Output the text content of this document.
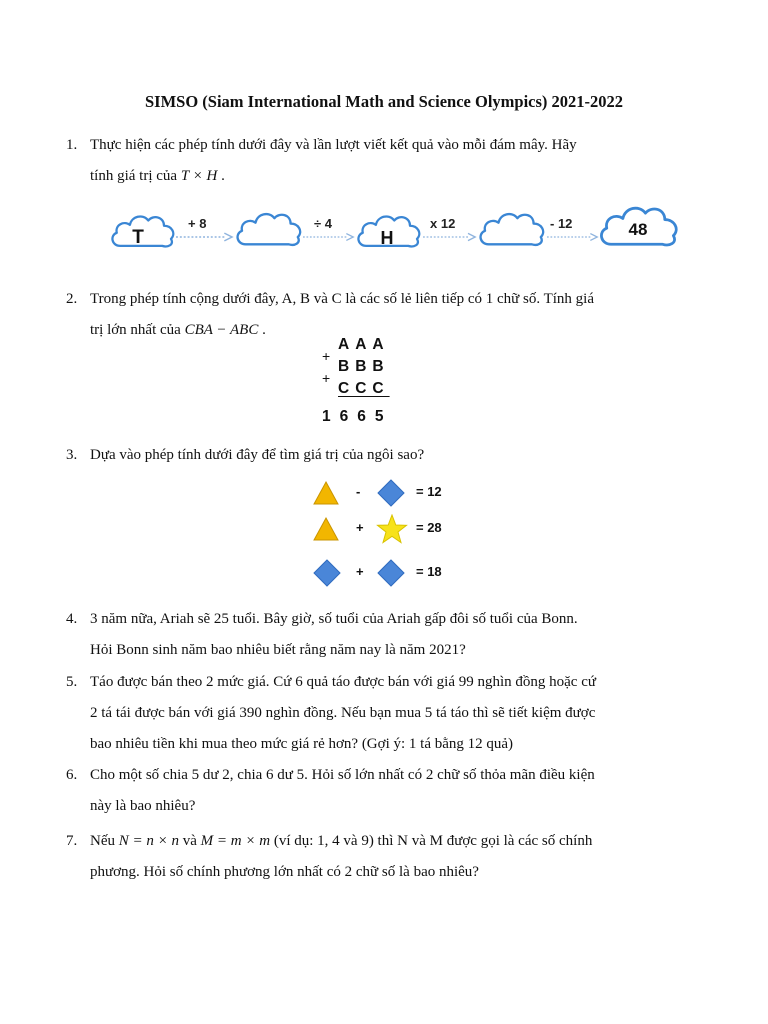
SIMSO (Siam International Math and Science Olympics) 2021-2022
1. Thực hiện các phép tính dưới đây và lần lượt viết kết quả vào mỗi đám mây. Hãy
tính giá trị của T × H .
T	H	48
+ 8	÷ 4	x 12	- 12
2. Trong phép tính cộng dưới đây, A, B và C là các số lẻ liên tiếp có 1 chữ số. Tính giá
trị lớn nhất của CBA − ABC .
+
+
AAA
BBB
CCC
1665
3. Dựa vào phép tính dưới đây để tìm giá trị của ngôi sao?
-	= 12
+	= 28
+	= 18
4. 3 năm nữa, Ariah sẽ 25 tuổi. Bây giờ, số tuổi của Ariah gấp đôi số tuổi của Bonn.
Hỏi Bonn sinh năm bao nhiêu biết rằng năm nay là năm 2021?
5. Táo được bán theo 2 mức giá. Cứ 6 quả táo được bán với giá 99 nghìn đồng hoặc cứ
2 tá tái được bán với giá 390 nghìn đồng. Nếu bạn mua 5 tá táo thì sẽ tiết kiệm được
bao nhiêu tiền khi mua theo mức giá rẻ hơn? (Gợi ý: 1 tá bằng 12 quả)
6. Cho một số chia 5 dư 2, chia 6 dư 5. Hỏi số lớn nhất có 2 chữ số thỏa mãn điều kiện
này là bao nhiêu?
7. Nếu N = n × n và M = m × m (ví dụ: 1, 4 và 9) thì N và M được gọi là các số chính
phương. Hỏi số chính phương lớn nhất có 2 chữ số là bao nhiêu?
